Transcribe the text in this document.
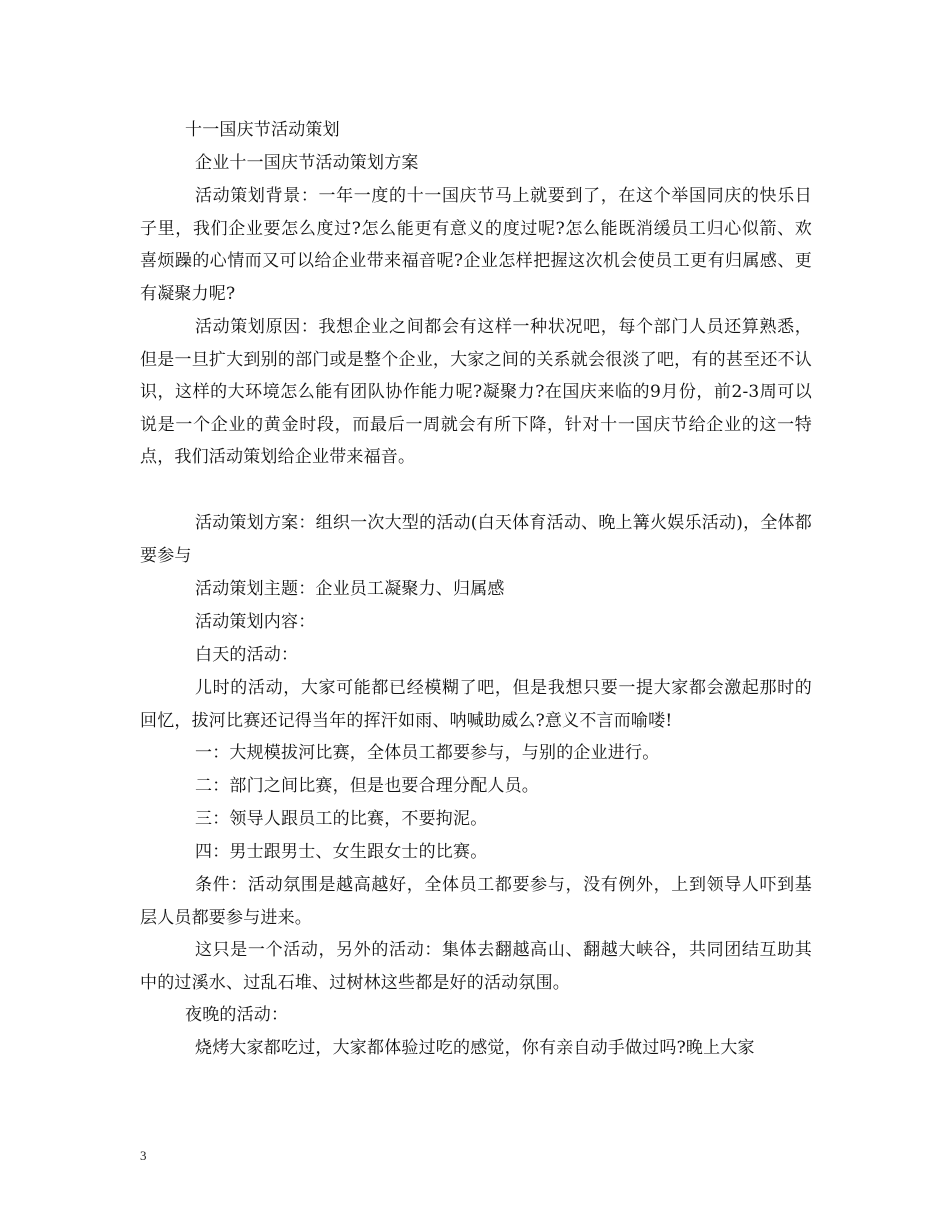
十一国庆节活动策划

企业十一国庆节活动策划方案

活动策划背景：一年一度的十一国庆节马上就要到了，在这个举国同庆的快乐日子里，我们企业要怎么度过?怎么能更有意义的度过呢?怎么能既消缓员工归心似箭、欢喜烦躁的心情而又可以给企业带来福音呢?企业怎样把握这次机会使员工更有归属感、更有凝聚力呢?

活动策划原因：我想企业之间都会有这样一种状况吧，每个部门人员还算熟悉，但是一旦扩大到别的部门或是整个企业，大家之间的关系就会很淡了吧，有的甚至还不认识，这样的大环境怎么能有团队协作能力呢?凝聚力?在国庆来临的9月份，前2-3周可以说是一个企业的黄金时段，而最后一周就会有所下降，针对十一国庆节给企业的这一特点，我们活动策划给企业带来福音。

活动策划方案：组织一次大型的活动(白天体育活动、晚上篝火娱乐活动)，全体都要参与

活动策划主题：企业员工凝聚力、归属感

活动策划内容：

白天的活动：

儿时的活动，大家可能都已经模糊了吧，但是我想只要一提大家都会激起那时的回忆，拔河比赛还记得当年的挥汗如雨、呐喊助威么?意义不言而喻喽!

一：大规模拔河比赛，全体员工都要参与，与别的企业进行。

二：部门之间比赛，但是也要合理分配人员。

三：领导人跟员工的比赛，不要拘泥。

四：男士跟男士、女生跟女士的比赛。

条件：活动氛围是越高越好，全体员工都要参与，没有例外，上到领导人吓到基层人员都要参与进来。

这只是一个活动，另外的活动：集体去翻越高山、翻越大峡谷，共同团结互助其中的过溪水、过乱石堆、过树林这些都是好的活动氛围。

夜晚的活动：

烧烤大家都吃过，大家都体验过吃的感觉，你有亲自动手做过吗?晚上大家

3
